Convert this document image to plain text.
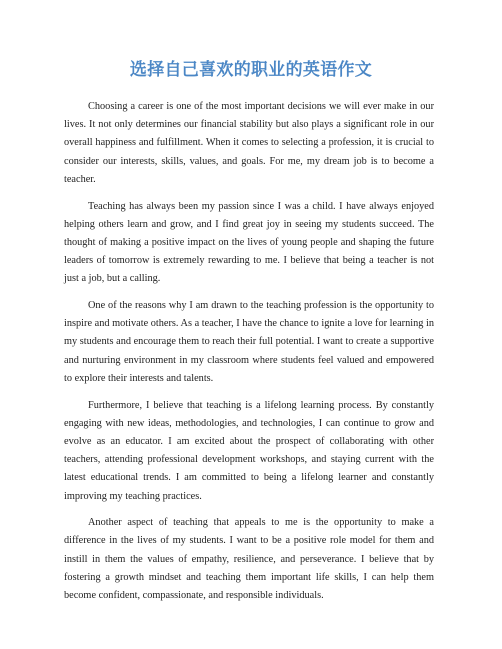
选择自己喜欢的职业的英语作文

Choosing a career is one of the most important decisions we will ever make in our lives. It not only determines our financial stability but also plays a significant role in our overall happiness and fulfillment. When it comes to selecting a profession, it is crucial to consider our interests, skills, values, and goals. For me, my dream job is to become a teacher.

Teaching has always been my passion since I was a child. I have always enjoyed helping others learn and grow, and I find great joy in seeing my students succeed. The thought of making a positive impact on the lives of young people and shaping the future leaders of tomorrow is extremely rewarding to me. I believe that being a teacher is not just a job, but a calling.

One of the reasons why I am drawn to the teaching profession is the opportunity to inspire and motivate others. As a teacher, I have the chance to ignite a love for learning in my students and encourage them to reach their full potential. I want to create a supportive and nurturing environment in my classroom where students feel valued and empowered to explore their interests and talents.

Furthermore, I believe that teaching is a lifelong learning process. By constantly engaging with new ideas, methodologies, and technologies, I can continue to grow and evolve as an educator. I am excited about the prospect of collaborating with other teachers, attending professional development workshops, and staying current with the latest educational trends. I am committed to being a lifelong learner and constantly improving my teaching practices.

Another aspect of teaching that appeals to me is the opportunity to make a difference in the lives of my students. I want to be a positive role model for them and instill in them the values of empathy, resilience, and perseverance. I believe that by fostering a growth mindset and teaching them important life skills, I can help them become confident, compassionate, and responsible individuals.
